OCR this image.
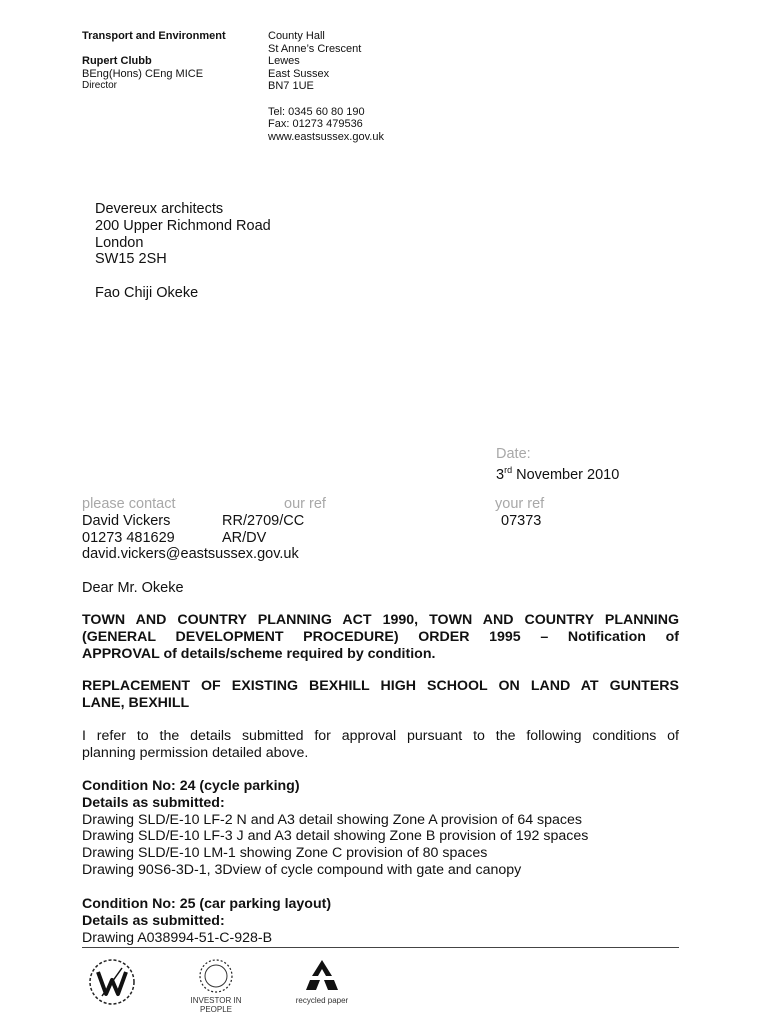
Transport and Environment
Rupert Clubb
BEng(Hons) CEng MICE
Director
County Hall
St Anne’s Crescent
Lewes
East Sussex
BN7 1UE
Tel: 0345 60 80 190
Fax: 01273 479536
www.eastsussex.gov.uk
Devereux architects
200 Upper Richmond Road
London
SW15 2SH
Fao Chiji Okeke
Date:
3rd November 2010
please contact	our ref	your ref
David Vickers	RR/2709/CC	07373
01273 481629	AR/DV
david.vickers@eastsussex.gov.uk
Dear Mr. Okeke
TOWN AND COUNTRY PLANNING ACT 1990, TOWN AND COUNTRY PLANNING
(GENERAL DEVELOPMENT PROCEDURE) ORDER 1995 – Notification of
APPROVAL of details/scheme required by condition.
REPLACEMENT OF EXISTING BEXHILL HIGH SCHOOL ON LAND AT GUNTERS
LANE, BEXHILL
I refer to the details submitted for approval pursuant to the following conditions of
planning permission detailed above.
Condition No: 24 (cycle parking)
Details as submitted:
Drawing SLD/E-10 LF-2 N and A3 detail showing Zone A provision of 64 spaces
Drawing SLD/E-10 LF-3 J and A3 detail showing Zone B provision of 192 spaces
Drawing SLD/E-10 LM-1 showing Zone C provision of 80 spaces
Drawing 90S6-3D-1, 3Dview of cycle compound with gate and canopy
Condition No: 25 (car parking layout)
Details as submitted:
Drawing A038994-51-C-928-B
INVESTOR IN PEOPLE
recycled paper
